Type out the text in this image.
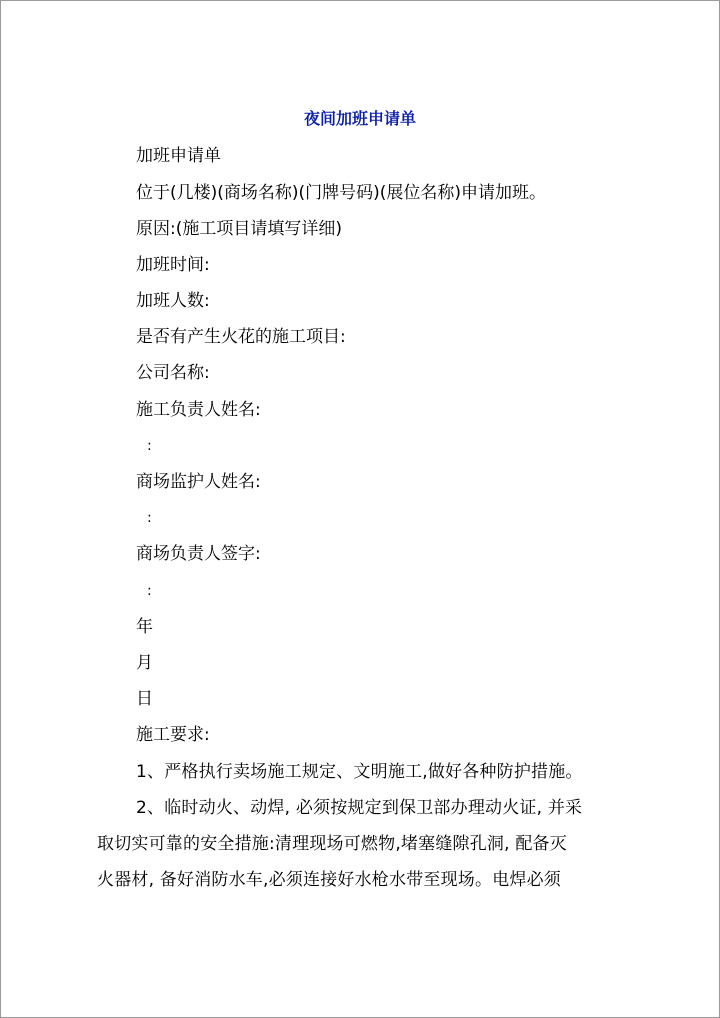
夜间加班申请单

加班申请单

位于(几楼)(商场名称)(门牌号码)(展位名称)申请加班。

原因:(施工项目请填写详细)

加班时间:

加班人数:

是否有产生火花的施工项目:

公司名称:

施工负责人姓名:

:

商场监护人姓名:

:

商场负责人签字:

:

年

月

日

施工要求:

1、严格执行卖场施工规定、文明施工,做好各种防护措施。

2、临时动火、动焊, 必须按规定到保卫部办理动火证, 并采

取切实可靠的安全措施:清理现场可燃物,堵塞缝隙孔洞, 配备灭

火器材, 备好消防水车,必须连接好水枪水带至现场。电焊必须
